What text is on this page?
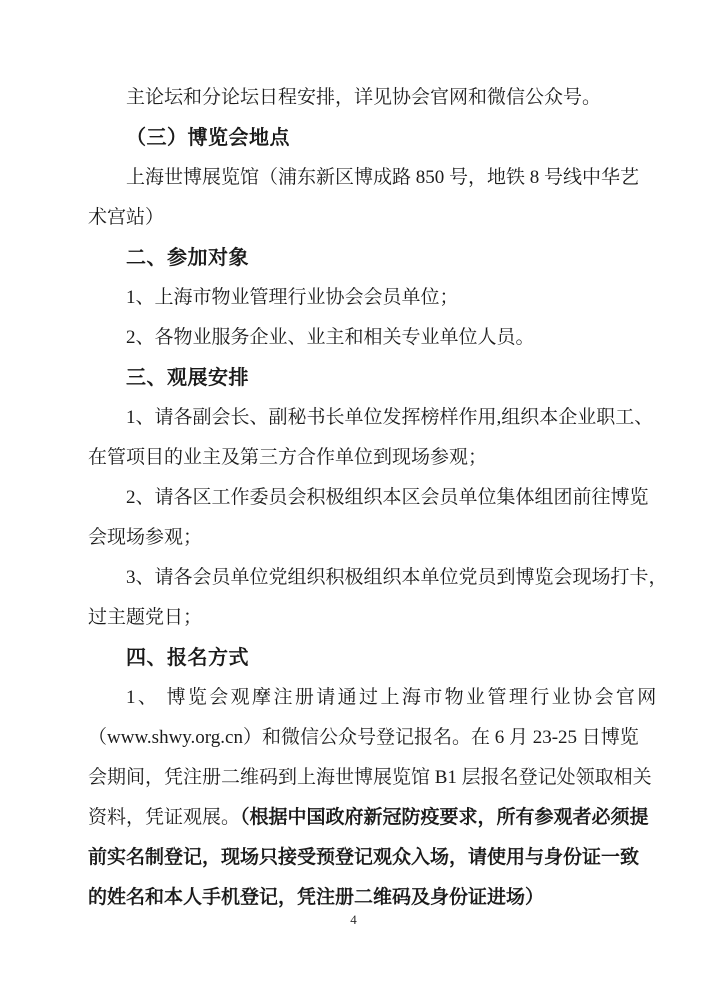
主论坛和分论坛日程安排，详见协会官网和微信公众号。
（三）博览会地点
上海世博展览馆（浦东新区博成路 850 号，地铁 8 号线中华艺
术宫站）
二、参加对象
1、上海市物业管理行业协会会员单位；
2、各物业服务企业、业主和相关专业单位人员。
三、观展安排
1、请各副会长、副秘书长单位发挥榜样作用,组织本企业职工、
在管项目的业主及第三方合作单位到现场参观；
2、请各区工作委员会积极组织本区会员单位集体组团前往博览
会现场参观；
3、请各会员单位党组织积极组织本单位党员到博览会现场打卡，
过主题党日；
四、报名方式
1、 博览会观摩注册请通过上海市物业管理行业协会官网
（www.shwy.org.cn）和微信公众号登记报名。在 6 月 23-25 日博览
会期间，凭注册二维码到上海世博展览馆 B1 层报名登记处领取相关
资料，凭证观展。（根据中国政府新冠防疫要求，所有参观者必须提
前实名制登记，现场只接受预登记观众入场，请使用与身份证一致
的姓名和本人手机登记，凭注册二维码及身份证进场）
4
